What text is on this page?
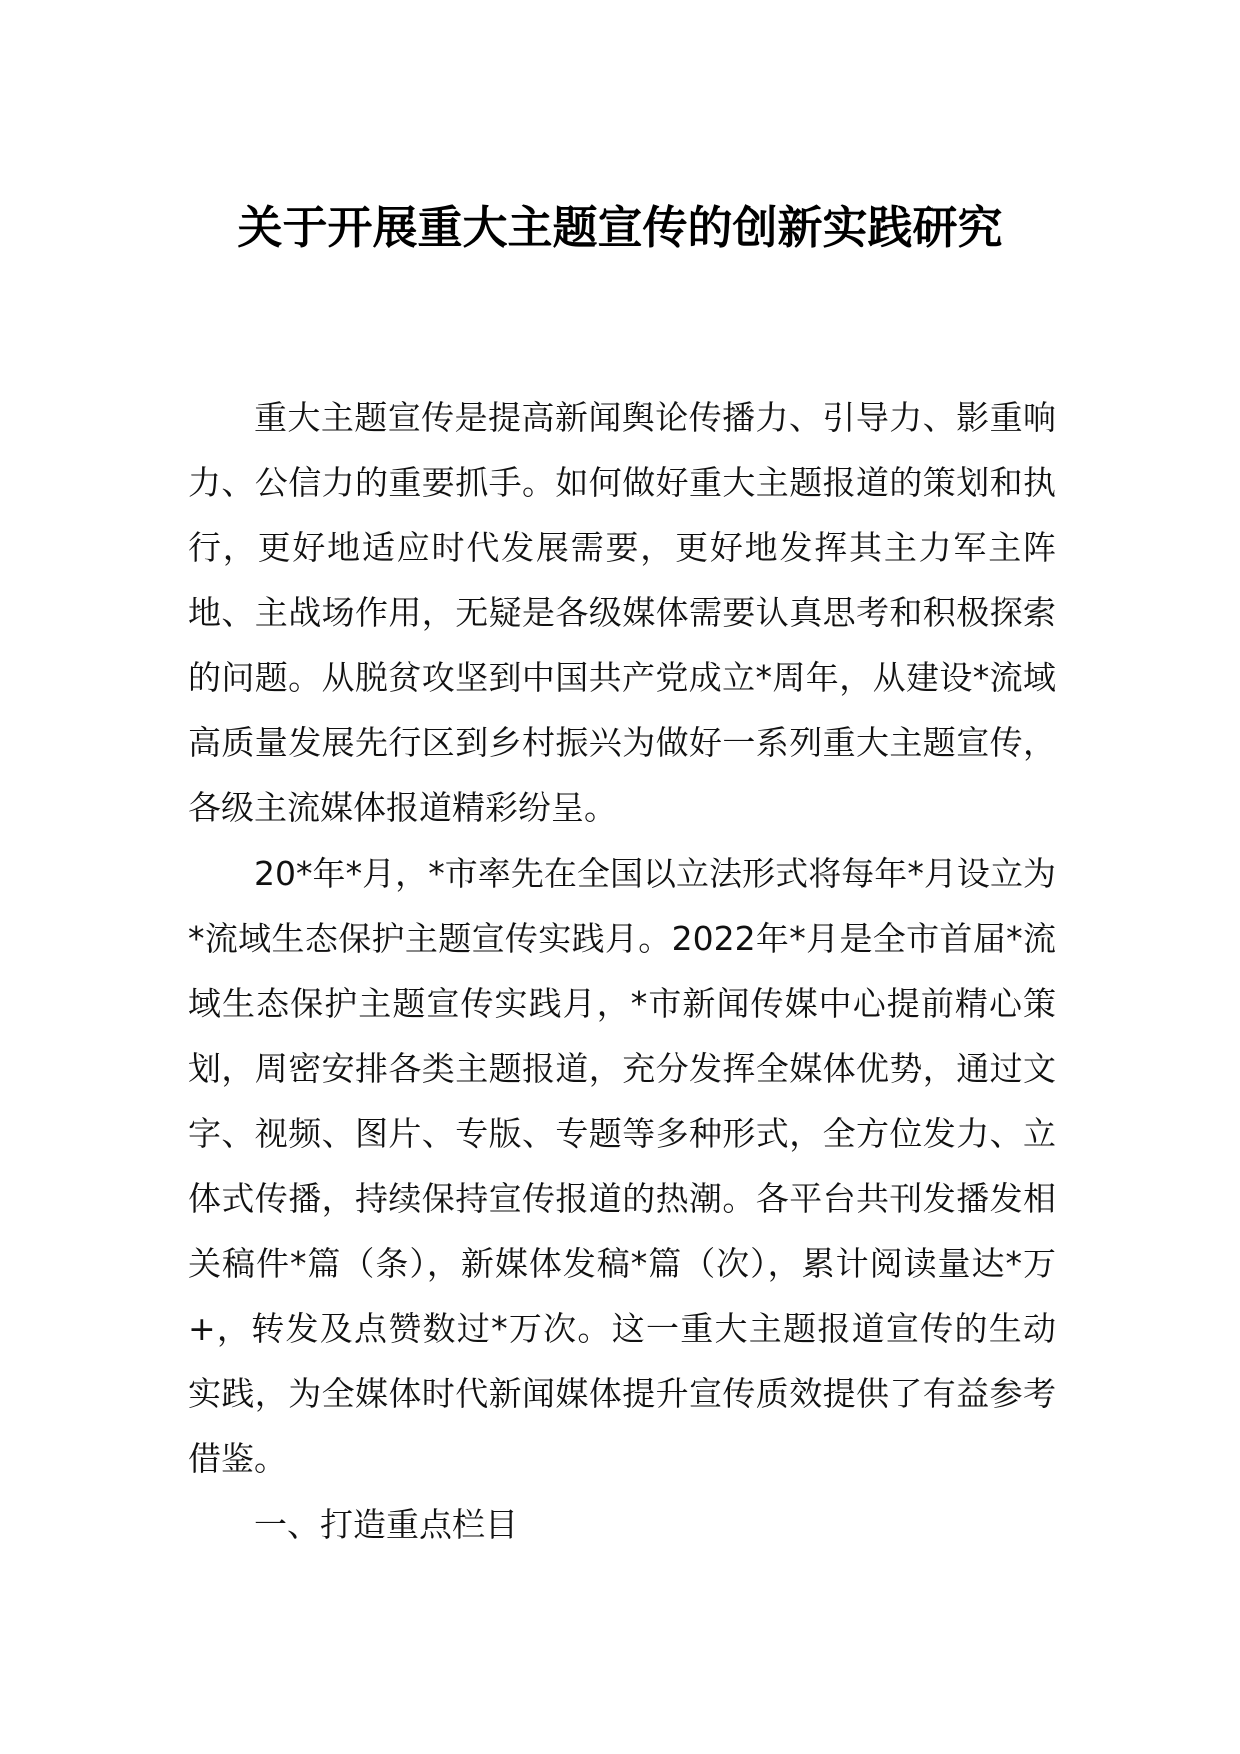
关于开展重大主题宣传的创新实践研究

重大主题宣传是提高新闻舆论传播力、引导力、影重响力、公信力的重要抓手。如何做好重大主题报道的策划和执行，更好地适应时代发展需要，更好地发挥其主力军主阵地、主战场作用，无疑是各级媒体需要认真思考和积极探索的问题。从脱贫攻坚到中国共产党成立*周年，从建设*流域高质量发展先行区到乡村振兴为做好一系列重大主题宣传，各级主流媒体报道精彩纷呈。

20*年*月，*市率先在全国以立法形式将每年*月设立为*流域生态保护主题宣传实践月。2022年*月是全市首届*流域生态保护主题宣传实践月，*市新闻传媒中心提前精心策划，周密安排各类主题报道，充分发挥全媒体优势，通过文字、视频、图片、专版、专题等多种形式，全方位发力、立体式传播，持续保持宣传报道的热潮。各平台共刊发播发相关稿件*篇（条），新媒体发稿*篇（次），累计阅读量达*万+，转发及点赞数过*万次。这一重大主题报道宣传的生动实践，为全媒体时代新闻媒体提升宣传质效提供了有益参考借鉴。

一、打造重点栏目
